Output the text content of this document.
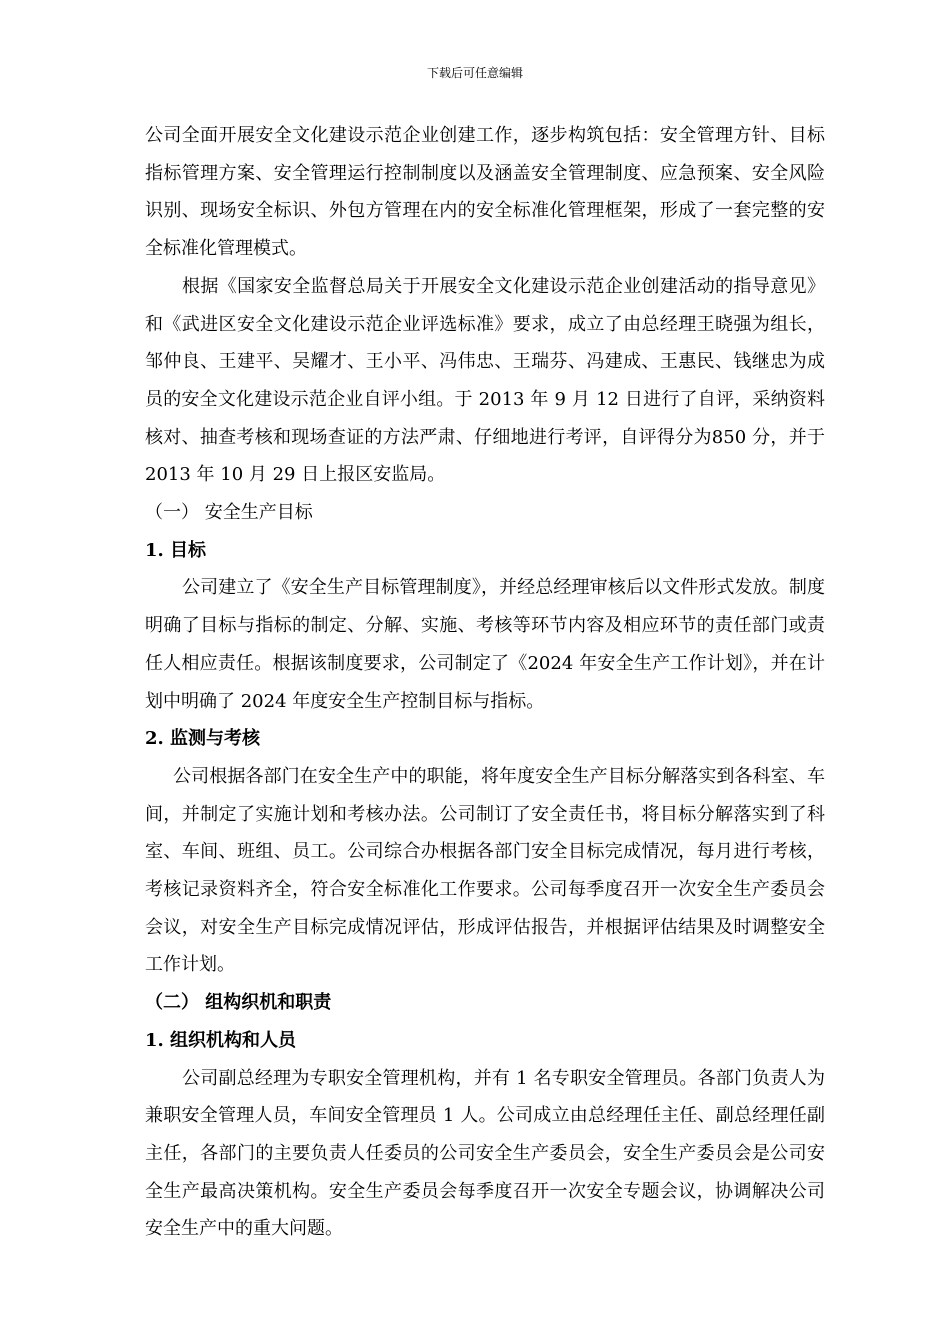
下载后可任意编辑

公司全面开展安全文化建设示范企业创建工作，逐步构筑包括：安全管理方针、目标指标管理方案、安全管理运行控制制度以及涵盖安全管理制度、应急预案、安全风险识别、现场安全标识、外包方管理在内的安全标准化管理框架，形成了一套完整的安全标准化管理模式。

根据《国家安全监督总局关于开展安全文化建设示范企业创建活动的指导意见》和《武进区安全文化建设示范企业评选标准》要求，成立了由总经理王晓强为组长，邹仲良、王建平、吴耀才、王小平、冯伟忠、王瑞芬、冯建成、王惠民、钱继忠为成员的安全文化建设示范企业自评小组。于 2013 年 9 月 12 日进行了自评，采纳资料核对、抽查考核和现场查证的方法严肃、仔细地进行考评，自评得分为850 分，并于 2013 年 10 月 29 日上报区安监局。

（一） 安全生产目标

1. 目标

公司建立了《安全生产目标管理制度》，并经总经理审核后以文件形式发放。制度明确了目标与指标的制定、分解、实施、考核等环节内容及相应环节的责任部门或责任人相应责任。根据该制度要求，公司制定了《2024 年安全生产工作计划》，并在计划中明确了 2024 年度安全生产控制目标与指标。

2. 监测与考核

公司根据各部门在安全生产中的职能，将年度安全生产目标分解落实到各科室、车间，并制定了实施计划和考核办法。公司制订了安全责任书，将目标分解落实到了科室、车间、班组、员工。公司综合办根据各部门安全目标完成情况，每月进行考核，考核记录资料齐全，符合安全标准化工作要求。公司每季度召开一次安全生产委员会会议，对安全生产目标完成情况评估，形成评估报告，并根据评估结果及时调整安全工作计划。

（二） 组构织机和职责

1. 组织机构和人员

公司副总经理为专职安全管理机构，并有 1 名专职安全管理员。各部门负责人为兼职安全管理人员，车间安全管理员 1 人。公司成立由总经理任主任、副总经理任副主任，各部门的主要负责人任委员的公司安全生产委员会，安全生产委员会是公司安全生产最高决策机构。安全生产委员会每季度召开一次安全专题会议，协调解决公司安全生产中的重大问题。
